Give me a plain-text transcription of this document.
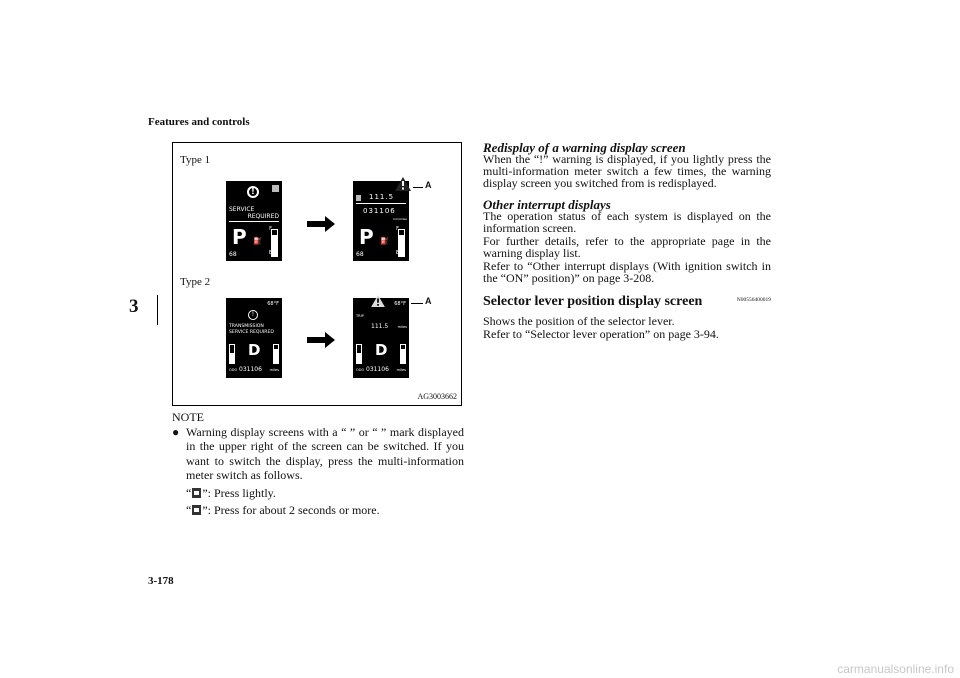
Features and controls
3
Type 1
Type 2
!
SERVICE
REQUIRED
P ⛽
F
E
68
111.5
031106
km/miles
P ⛽
F
E
68
A
68°F
!
TRANSMISSION
SERVICE REQUIRED
D
ODO 031106 miles
68°F
TRIP
111.5	miles
D
ODO 031106 miles
A
AG3003662
NOTE
● Warning display screens with a “ ” or “ ” mark displayed in the upper right of the screen can be switched. If you want to switch the display, press the multi-information meter switch as follows.
“ ”: Press lightly.
“ ”: Press for about 2 seconds or more.
Redisplay of a warning display screen
When the “!” warning is displayed, if you lightly press the multi-information meter switch a few times, the warning display screen you switched from is redisplayed.
Other interrupt displays
The operation status of each system is displayed on the information screen.
For further details, refer to the appropriate page in the warning display list.
Refer to “Other interrupt displays (With ignition switch in the “ON” position)” on page 3-208.
Selector lever position display screen	N00556400019
Shows the position of the selector lever.
Refer to “Selector lever operation” on page 3-94.
3-178
carmanualsonline.info
